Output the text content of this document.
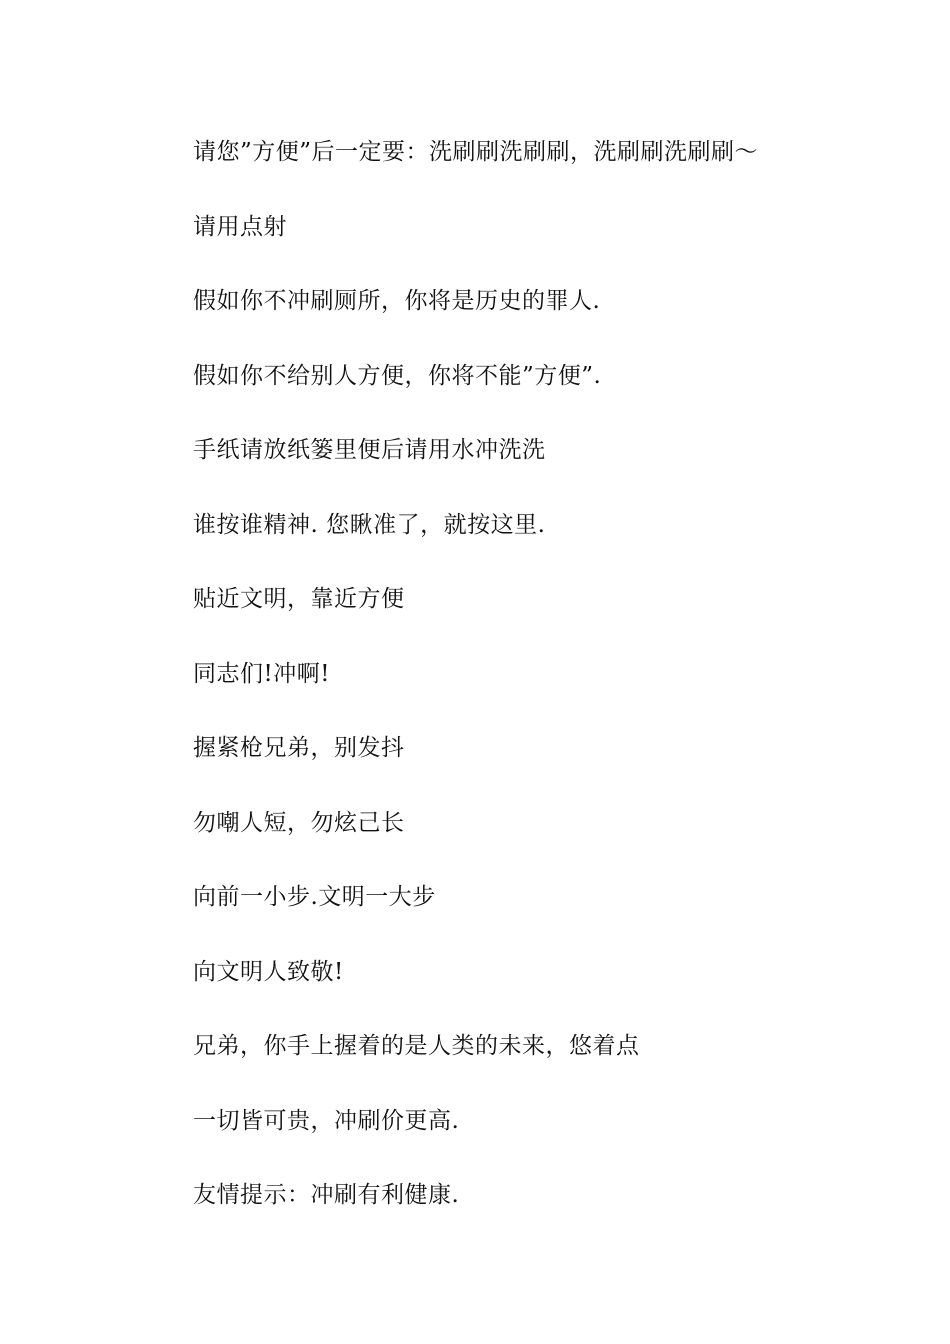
请您”方便”后一定要：洗刷刷洗刷刷，洗刷刷洗刷刷～
请用点射
假如你不冲刷厕所，你将是历史的罪人.
假如你不给别人方便，你将不能”方便”.
手纸请放纸篓里便后请用水冲洗洗
谁按谁精神. 您瞅准了，就按这里.
贴近文明，靠近方便
同志们!冲啊!
握紧枪兄弟，别发抖
勿嘲人短，勿炫己长
向前一小步.文明一大步
向文明人致敬!
兄弟，你手上握着的是人类的未来，悠着点
一切皆可贵，冲刷价更高.
友情提示：冲刷有利健康.
